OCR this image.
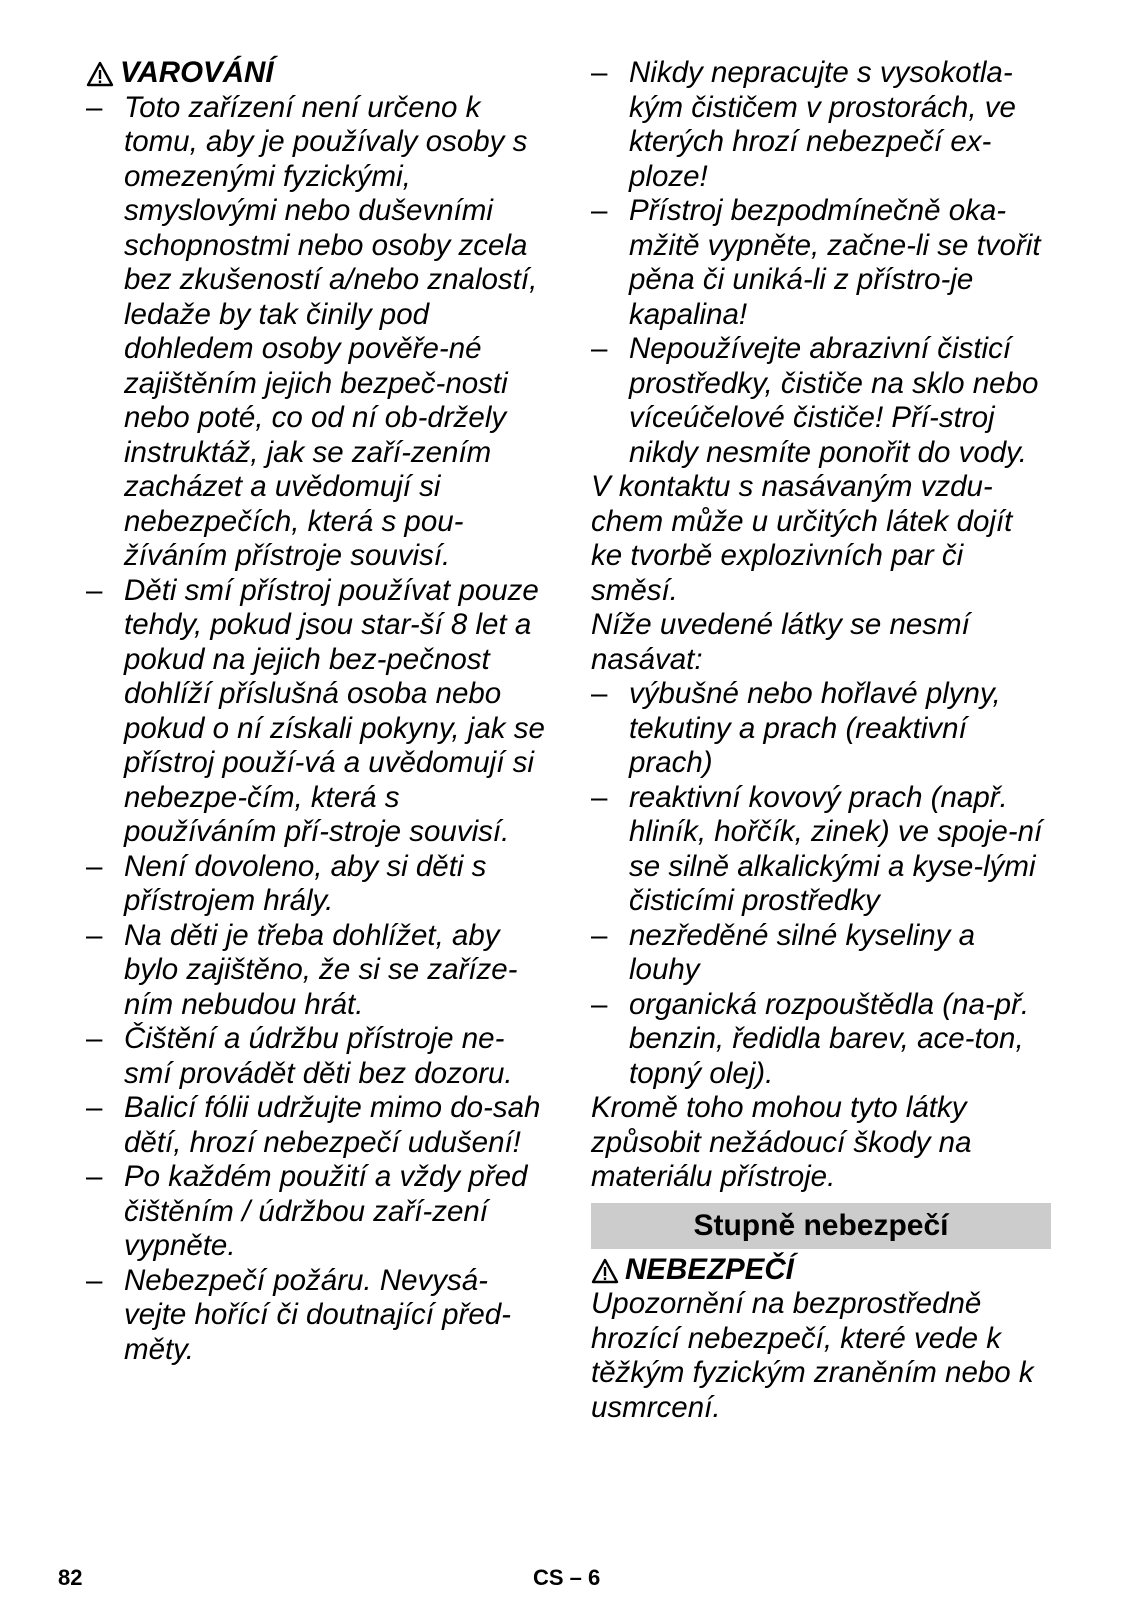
VAROVÁNÍ
– Toto zařízení není určeno k tomu, aby je používaly osoby s omezenými fyzickými, smyslovými nebo duševními schopnostmi nebo osoby zcela bez zkušeností a/nebo znalostí, ledaže by tak činily pod dohledem osoby pověře-né zajištěním jejich bezpeč-nosti nebo poté, co od ní ob-držely instruktáž, jak se zaří-zením zacházet a uvědomují si nebezpečích, která s pou-žíváním přístroje souvisí.
– Děti smí přístroj používat pouze tehdy, pokud jsou star-ší 8 let a pokud na jejich bez-pečnost dohlíží příslušná osoba nebo pokud o ní získali pokyny, jak se přístroj použí-vá a uvědomují si nebezpe-čím, která s používáním pří-stroje souvisí.
– Není dovoleno, aby si děti s přístrojem hrály.
– Na děti je třeba dohlížet, aby bylo zajištěno, že si se zaříze-ním nebudou hrát.
– Čištění a údržbu přístroje ne-smí provádět děti bez dozoru.
– Balicí fólii udržujte mimo do-sah dětí, hrozí nebezpečí udušení!
– Po každém použití a vždy před čištěním / údržbou zaří-zení vypněte.
– Nebezpečí požáru. Nevysá-vejte hořící či doutnající před-měty.
– Nikdy nepracujte s vysokotla-kým čističem v prostorách, ve kterých hrozí nebezpečí ex-ploze!
– Přístroj bezpodmínečně oka-mžitě vypněte, začne-li se tvořit pěna či uniká-li z přístro-je kapalina!
– Nepoužívejte abrazivní čisticí prostředky, čističe na sklo nebo víceúčelové čističe! Pří-stroj nikdy nesmíte ponořit do vody.

V kontaktu s nasávaným vzdu-chem může u určitých látek dojít ke tvorbě explozivních par či směsí.

Níže uvedené látky se nesmí nasávat:

– výbušné nebo hořlavé plyny, tekutiny a prach (reaktivní prach)
– reaktivní kovový prach (např. hliník, hořčík, zinek) ve spoje-ní se silně alkalickými a kyse-lými čisticími prostředky
– nezředěné silné kyseliny a louhy
– organická rozpouštědla (na-př. benzin, ředidla barev, ace-ton, topný olej).

Kromě toho mohou tyto látky způsobit nežádoucí škody na materiálu přístroje.

Stupně nebezpečí
NEBEZPEČÍ

Upozornění na bezprostředně hrozící nebezpečí, které vede k těžkým fyzickým zraněním nebo k usmrcení.

82	CS – 6
